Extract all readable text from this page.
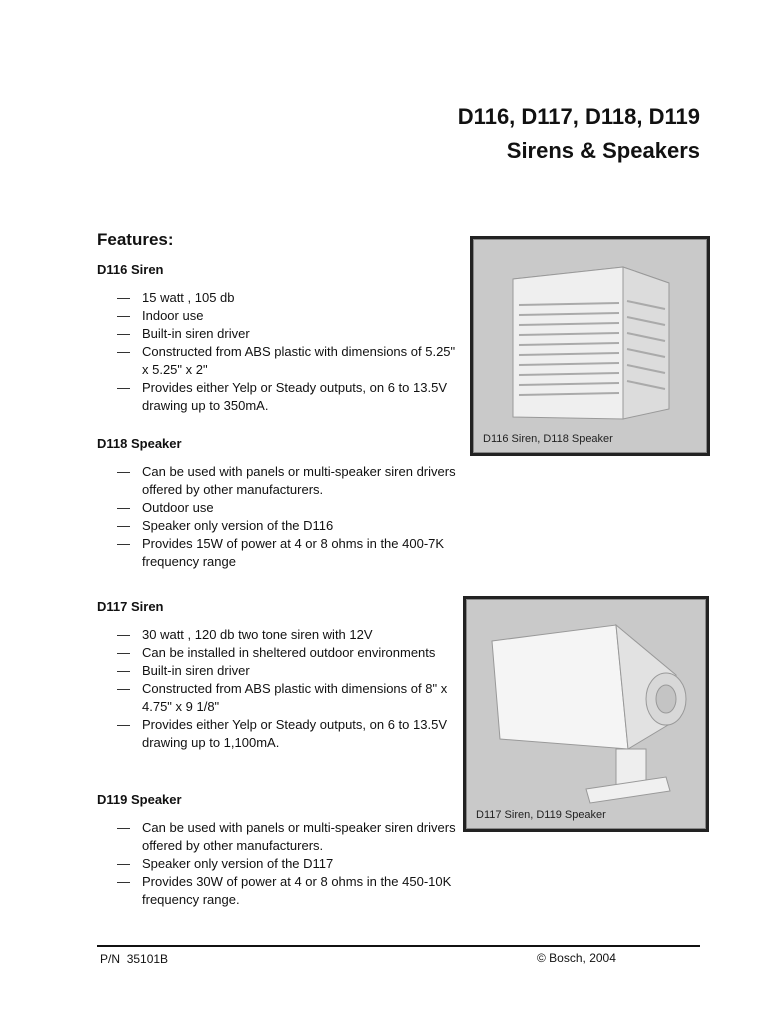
D116, D117, D118, D119
Sirens & Speakers
Features:
D116 Siren
— 15 watt , 105 db
— Indoor use
— Built-in siren driver
— Constructed from ABS plastic with dimensions of 5.25" x 5.25" x 2"
— Provides either Yelp or Steady outputs, on 6 to 13.5V drawing up to 350mA.
D118 Speaker
— Can be used with panels or multi-speaker siren drivers offered by other manufacturers.
— Outdoor use
— Speaker only version of the D116
— Provides 15W of power at 4 or 8 ohms in the 400-7K frequency range
D117 Siren
— 30 watt , 120 db two tone siren with 12V
— Can be installed in sheltered outdoor environments
— Built-in siren driver
— Constructed from ABS plastic with dimensions of 8" x 4.75" x 9 1/8"
— Provides either Yelp or Steady outputs, on 6 to 13.5V drawing up to 1,100mA.
D119 Speaker
— Can be used with panels or multi-speaker siren drivers offered by other manufacturers.
— Speaker only version of the D117
— Provides 30W of power at 4 or 8 ohms in the 450-10K frequency range.
D116 Siren, D118 Speaker
D117 Siren, D119 Speaker
P/N 35101B	© Bosch, 2004
